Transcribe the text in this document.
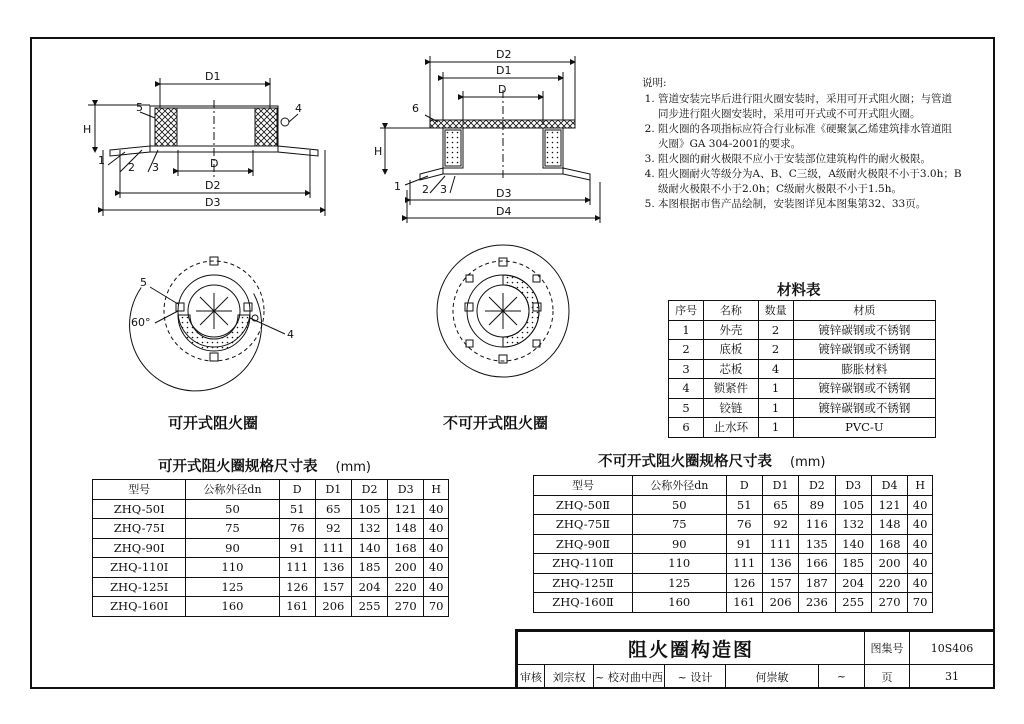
D1
D
D2
D3
H
5	4
1
2 3
D2
D1
D
D3
D4
H
6
1 2 3
5
60°
4
说明:
1. 管道安装完毕后进行阻火圈安装时，采用可开式阻火圈；与管道同步进行阻火圈安装时，采用可开式或不可开式阻火圈。
2. 阻火圈的各项指标应符合行业标准《硬聚氯乙烯建筑排水管道阻火圈》GA 304-2001的要求。
3. 阻火圈的耐火极限不应小于安装部位建筑构件的耐火极限。
4. 阻火圈耐火等级分为A、B、C三级，A级耐火极限不小于3.0h；B级耐火极限不小于2.0h；C级耐火极限不小于1.5h。
5. 本图根据市售产品绘制，安装图详见本图集第32、33页。
可开式阻火圈	不可开式阻火圈
材料表
序号	名称	数量	材质
1	外壳	2	镀锌碳钢或不锈钢
2	底板	2	镀锌碳钢或不锈钢
3	芯板	4	膨胀材料
4	锁紧件	1	镀锌碳钢或不锈钢
5	铰链	1	镀锌碳钢或不锈钢
6	止水环	1	PVC-U
可开式阻火圈规格尺寸表 (mm)
型号	公称外径dn	D	D1	D2	D3	H
ZHQ-50Ⅰ	50	51	65	105	121	40
ZHQ-75Ⅰ	75	76	92	132	148	40
ZHQ-90Ⅰ	90	91	111	140	168	40
ZHQ-110Ⅰ	110	111	136	185	200	40
ZHQ-125Ⅰ	125	126	157	204	220	40
ZHQ-160Ⅰ	160	161	206	255	270	70
不可开式阻火圈规格尺寸表 (mm)
型号	公称外径dn	D	D1	D2	D3	D4	H
ZHQ-50Ⅱ	50	51	65	89	105	121	40
ZHQ-75Ⅱ	75	76	92	116	132	148	40
ZHQ-90Ⅱ	90	91	111	135	140	168	40
ZHQ-110Ⅱ	110	111	136	166	185	200	40
ZHQ-125Ⅱ	125	126	157	187	204	220	40
ZHQ-160Ⅱ	160	161	206	236	255	270	70
阻火圈构造图						图集号	10S406
审核	刘宗权	~ 校对曲中西	~ 设计	何崇敏	~	页	31
